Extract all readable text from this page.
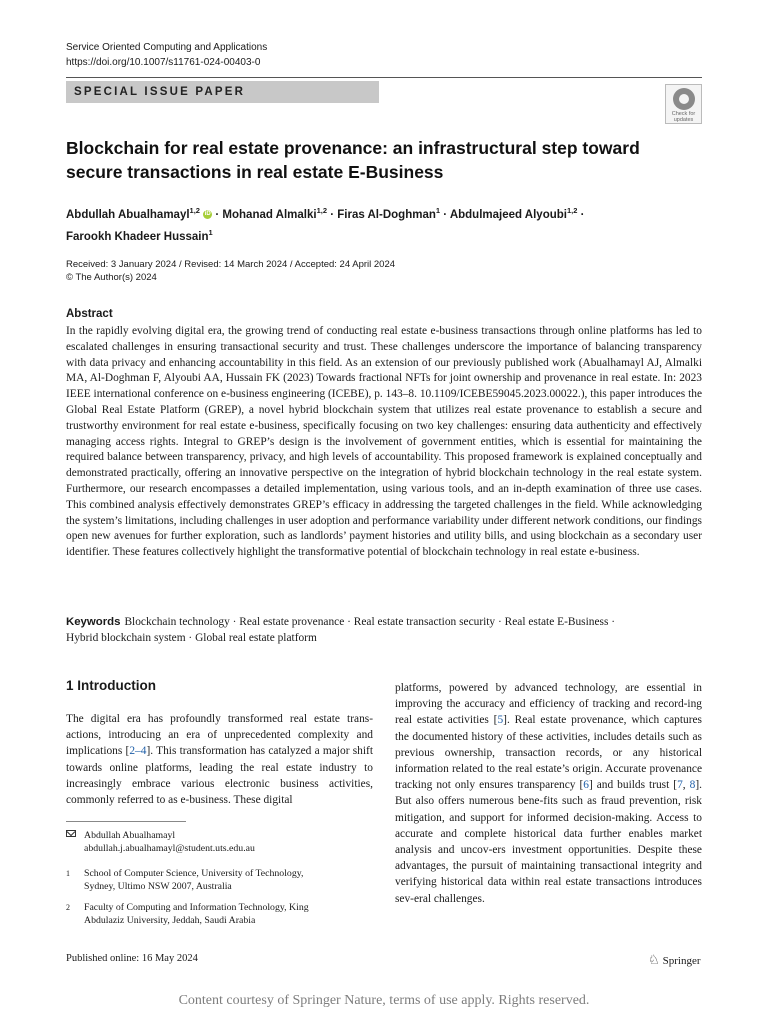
Service Oriented Computing and Applications
https://doi.org/10.1007/s11761-024-00403-0
SPECIAL ISSUE PAPER
Check for
updates
Blockchain for real estate provenance: an infrastructural step toward
secure transactions in real estate E-Business
Abdullah Abualhamayl$^{1,2}$ iD · Mohanad Almalki$^{1,2}$ · Firas Al-Doghman$^1$ · Abdulmajeed Alyoubi$^{1,2}$ ·
Farookh Khadeer Hussain$^1$
Received: 3 January 2024 / Revised: 14 March 2024 / Accepted: 24 April 2024
© The Author(s) 2024
Abstract
In the rapidly evolving digital era, the growing trend of conducting real estate e-business transactions through online platforms has led to escalated challenges in ensuring transactional security and trust. These challenges underscore the importance of balancing transparency with data privacy and enhancing accountability in this field. As an extension of our previously published work (Abualhamayl AJ, Almalki MA, Al-Doghman F, Alyoubi AA, Hussain FK (2023) Towards fractional NFTs for joint ownership and provenance in real estate. In: 2023 IEEE international conference on e-business engineering (ICEBE), p. 143–8. 10.1109/ICEBE59045.2023.00022.), this paper introduces the Global Real Estate Platform (GREP), a novel hybrid blockchain system that utilizes real estate provenance to establish a secure and trustworthy environment for real estate e-business, specifically focusing on two key challenges: ensuring data authenticity and effectively managing access rights. Integral to GREP’s design is the involvement of government entities, which is essential for maintaining the required balance between transparency, privacy, and high levels of accountability. This proposed framework is explained conceptually and demonstrated practically, offering an innovative perspective on the integration of hybrid blockchain technology in the real estate system. Furthermore, our research encompasses a detailed implementation, using various tools, and an in-depth examination of three use cases. This combined analysis effectively demonstrates GREP’s efficacy in addressing the targeted challenges in the field. While acknowledging the system’s limitations, including challenges in user adoption and performance variability under different network conditions, our findings open new avenues for further exploration, such as landlords’ payment histories and utility bills, and using blockchain as a secondary user identifier. These features collectively highlight the transformative potential of blockchain technology in real estate e-business.
Keywords Blockchain technology · Real estate provenance · Real estate transaction security · Real estate E-Business ·
Hybrid blockchain system · Global real estate platform
1 Introduction
The digital era has profoundly transformed real estate trans-actions, introducing an era of unprecedented complexity and implications [2–4]. This transformation has catalyzed a major shift towards online platforms, leading the real estate industry to increasingly embrace various electronic business activities, commonly referred to as e-business. These digital
platforms, powered by advanced technology, are essential in improving the accuracy and efficiency of tracking and record-ing real estate activities [5]. Real estate provenance, which captures the documented history of these activities, includes details such as previous ownership, transaction records, or any historical information related to the real estate’s origin. Accurate provenance tracking not only ensures transparency [6] and builds trust [7, 8]. But also offers numerous bene-fits such as fraud prevention, risk mitigation, and support for informed decision-making. Access to accurate and complete historical data further enables market analysis and uncov-ers investment opportunities. Despite these advantages, the pursuit of maintaining transactional integrity and verifying historical data within real estate transactions introduces sev-eral challenges.
Abdullah Abualhamayl
abdullah.j.abualhamayl@student.uts.edu.au
1 School of Computer Science, University of Technology,
Sydney, Ultimo NSW 2007, Australia
2 Faculty of Computing and Information Technology, King
Abdulaziz University, Jeddah, Saudi Arabia
Published online: 16 May 2024	♘ Springer
Content courtesy of Springer Nature, terms of use apply. Rights reserved.
